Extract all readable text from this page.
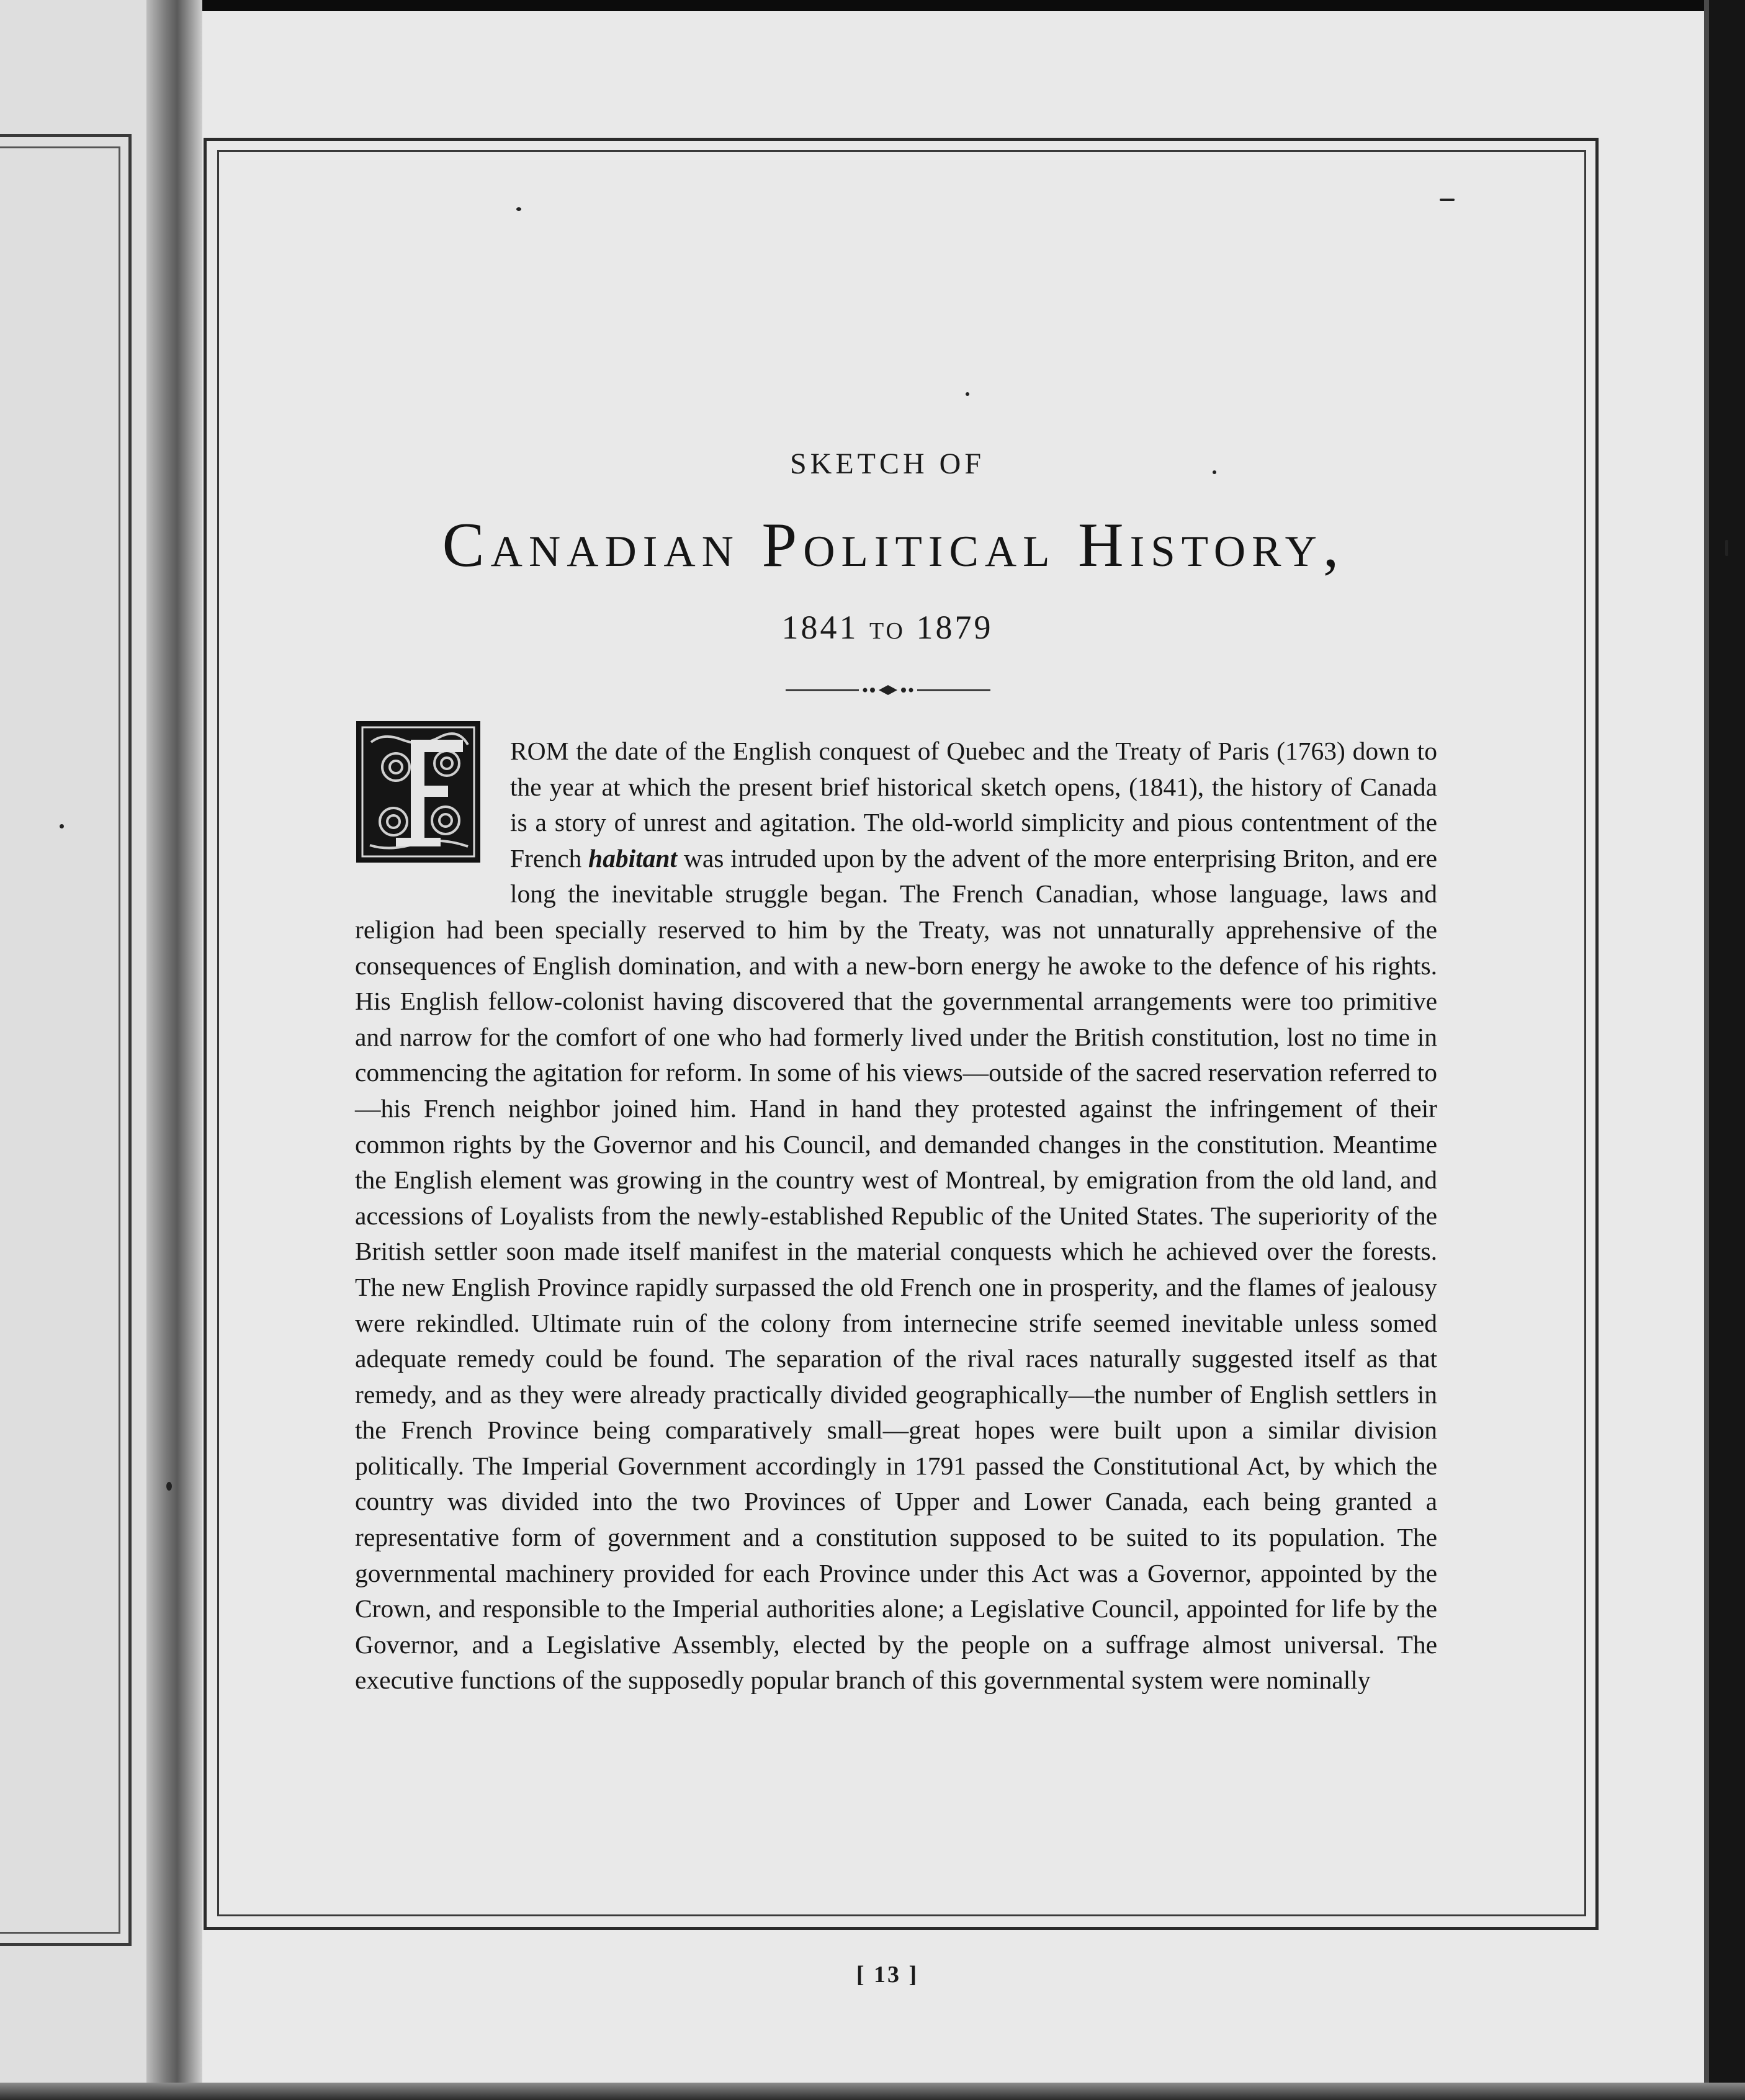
SKETCH OF
Canadian Political History,
1841 to 1879
ROM the date of the English conquest of Quebec and the Treaty of Paris (1763) down to the year at which the present brief historical sketch opens, (1841), the history of Canada is a story of unrest and agitation. The old-world simplicity and pious contentment of the French habitant was intruded upon by the advent of the more enterprising Briton, and ere long the inevitable struggle began. The French Canadian, whose language, laws and religion had been specially reserved to him by the Treaty, was not unnaturally apprehensive of the consequences of English domination, and with a new-born energy he awoke to the defence of his rights. His English fellow-colonist having discovered that the governmental arrangements were too primitive and narrow for the comfort of one who had formerly lived under the British constitution, lost no time in commencing the agitation for reform. In some of his views—outside of the sacred reservation referred to—his French neighbor joined him. Hand in hand they protested against the infringement of their common rights by the Governor and his Council, and demanded changes in the constitution. Meantime the English element was growing in the country west of Montreal, by emigration from the old land, and accessions of Loyalists from the newly-established Republic of the United States. The superiority of the British settler soon made itself manifest in the material conquests which he achieved over the forests. The new English Province rapidly surpassed the old French one in prosperity, and the flames of jealousy were rekindled. Ultimate ruin of the colony from internecine strife seemed inevitable unless somed adequate remedy could be found. The separation of the rival races naturally suggested itself as that remedy, and as they were already practically divided geographically—the number of English settlers in the French Province being comparatively small—great hopes were built upon a similar division politically. The Imperial Government accordingly in 1791 passed the Constitutional Act, by which the country was divided into the two Provinces of Upper and Lower Canada, each being granted a representative form of government and a constitution supposed to be suited to its population. The governmental machinery provided for each Province under this Act was a Governor, appointed by the Crown, and responsible to the Imperial authorities alone; a Legislative Council, appointed for life by the Governor, and a Legislative Assembly, elected by the people on a suffrage almost universal. The executive functions of the supposedly popular branch of this governmental system were nominally
[ 13 ]
